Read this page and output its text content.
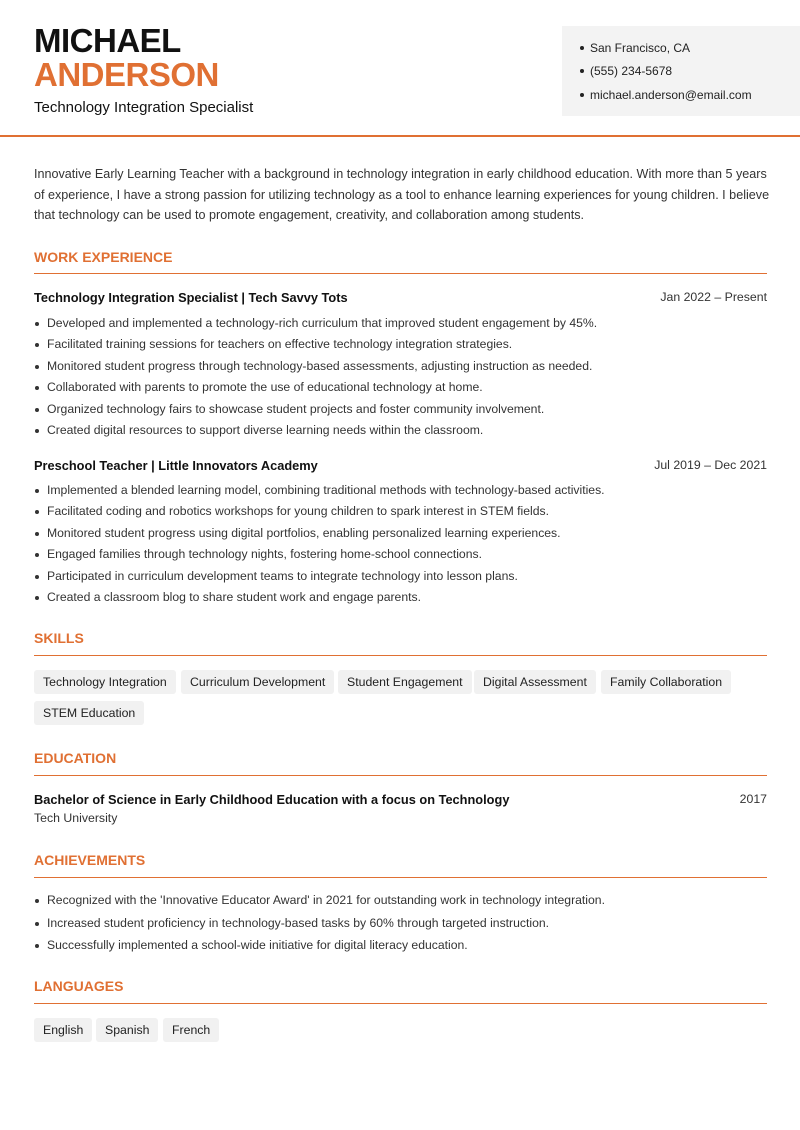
MICHAEL
ANDERSON
Technology Integration Specialist
San Francisco, CA
(555) 234-5678
michael.anderson@email.com

Innovative Early Learning Teacher with a background in technology integration in early childhood education. With more than 5 years of experience, I have a strong passion for utilizing technology as a tool to enhance learning experiences for young children. I believe that technology can be used to promote engagement, creativity, and collaboration among students.

WORK EXPERIENCE
Technology Integration Specialist | Tech Savvy Tots	Jan 2022 – Present
Developed and implemented a technology-rich curriculum that improved student engagement by 45%.
Facilitated training sessions for teachers on effective technology integration strategies.
Monitored student progress through technology-based assessments, adjusting instruction as needed.
Collaborated with parents to promote the use of educational technology at home.
Organized technology fairs to showcase student projects and foster community involvement.
Created digital resources to support diverse learning needs within the classroom.
Preschool Teacher | Little Innovators Academy	Jul 2019 – Dec 2021
Implemented a blended learning model, combining traditional methods with technology-based activities.
Facilitated coding and robotics workshops for young children to spark interest in STEM fields.
Monitored student progress using digital portfolios, enabling personalized learning experiences.
Engaged families through technology nights, fostering home-school connections.
Participated in curriculum development teams to integrate technology into lesson plans.
Created a classroom blog to share student work and engage parents.
SKILLS
Technology Integration	Curriculum Development	Student Engagement	Digital Assessment	Family Collaboration
STEM Education
EDUCATION
Bachelor of Science in Early Childhood Education with a focus on Technology	2017
Tech University
ACHIEVEMENTS
Recognized with the 'Innovative Educator Award' in 2021 for outstanding work in technology integration.
Increased student proficiency in technology-based tasks by 60% through targeted instruction.
Successfully implemented a school-wide initiative for digital literacy education.
LANGUAGES
English	Spanish	French
